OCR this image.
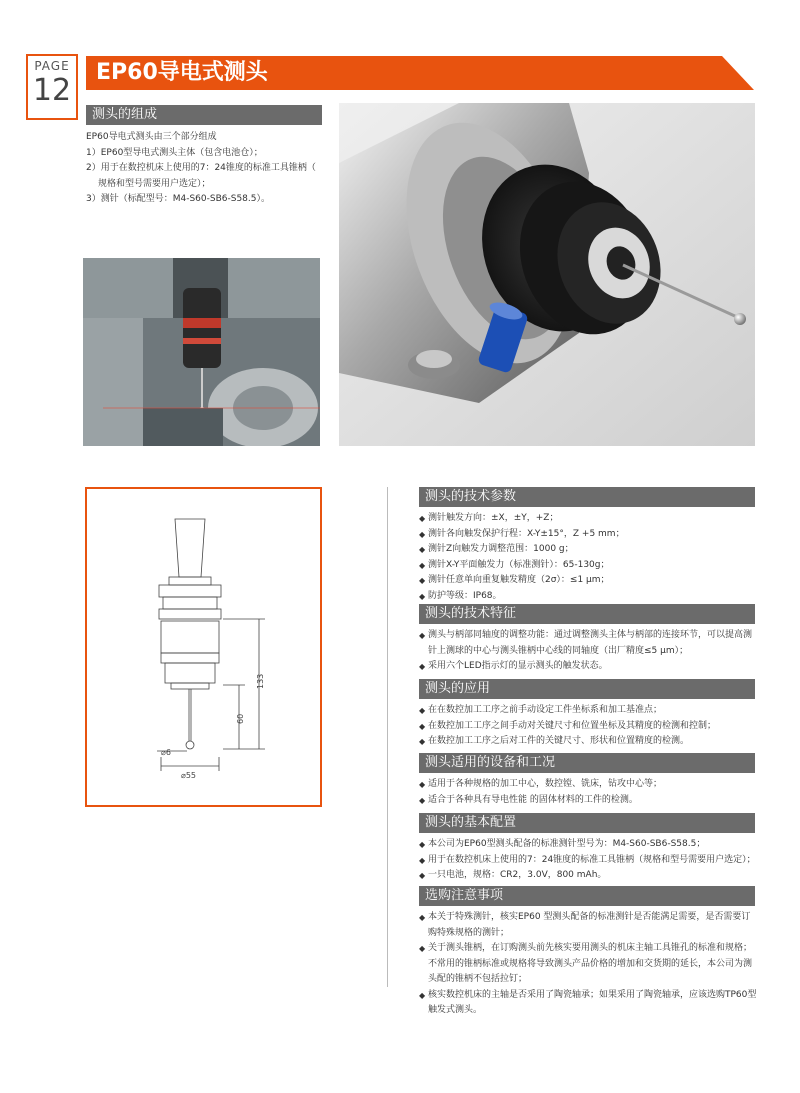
PAGE
12
EP60导电式测头
测头的组成

EP60导电式测头由三个部分组成

1）EP60型导电式测头主体（包含电池仓）；

2）用于在数控机床上使用的7：24锥度的标准工具锥柄（

规格和型号需要用户选定）；

3）测针（标配型号：M4-S60-SB6-S58.5）。

133
60
⌀6
⌀55
测头的技术参数
◆ 测针触发方向：±X，±Y，+Z；
◆ 测针各向触发保护行程：X-Y±15°，Z +5 mm；
◆ 测针Z向触发力调整范围：1000 g；
◆ 测针X-Y平面触发力（标准测针）：65-130g；
◆ 测针任意单向重复触发精度（2σ）：≤1 μm；
◆ 防护等级：IP68。
测头的技术特征
◆ 测头与柄部同轴度的调整功能：通过调整测头主体与柄部的连接环节，可以提高测针上测球的中心与测头锥柄中心线的同轴度（出厂精度≤5 μm）；
◆ 采用六个LED指示灯的显示测头的触发状态。
测头的应用
◆ 在在数控加工工序之前手动设定工件坐标系和加工基准点；
◆ 在数控加工工序之间手动对关键尺寸和位置坐标及其精度的检测和控制；
◆ 在数控加工工序之后对工件的关键尺寸、形状和位置精度的检测。
测头适用的设备和工况
◆ 适用于各种规格的加工中心，数控镗、铣床，钻攻中心等；
◆ 适合于各种具有导电性能 的固体材料的工件的检测。
测头的基本配置
◆ 本公司为EP60型测头配备的标准测针型号为：M4-S60-SB6-S58.5；
◆ 用于在数控机床上使用的7：24锥度的标准工具锥柄（规格和型号需要用户选定）；
◆ 一只电池，规格：CR2，3.0V，800 mAh。
选购注意事项
◆ 本关于特殊测针，核实EP60 型测头配备的标准测针是否能满足需要，是否需要订购特殊规格的测针；
◆ 关于测头锥柄，在订购测头前先核实要用测头的机床主轴工具锥孔的标准和规格；不常用的锥柄标准或规格将导致测头产品价格的增加和交货期的延长，本公司为测头配的锥柄不包括拉钉；
◆ 核实数控机床的主轴是否采用了陶瓷轴承；如果采用了陶瓷轴承，应该选购TP60型触发式测头。
